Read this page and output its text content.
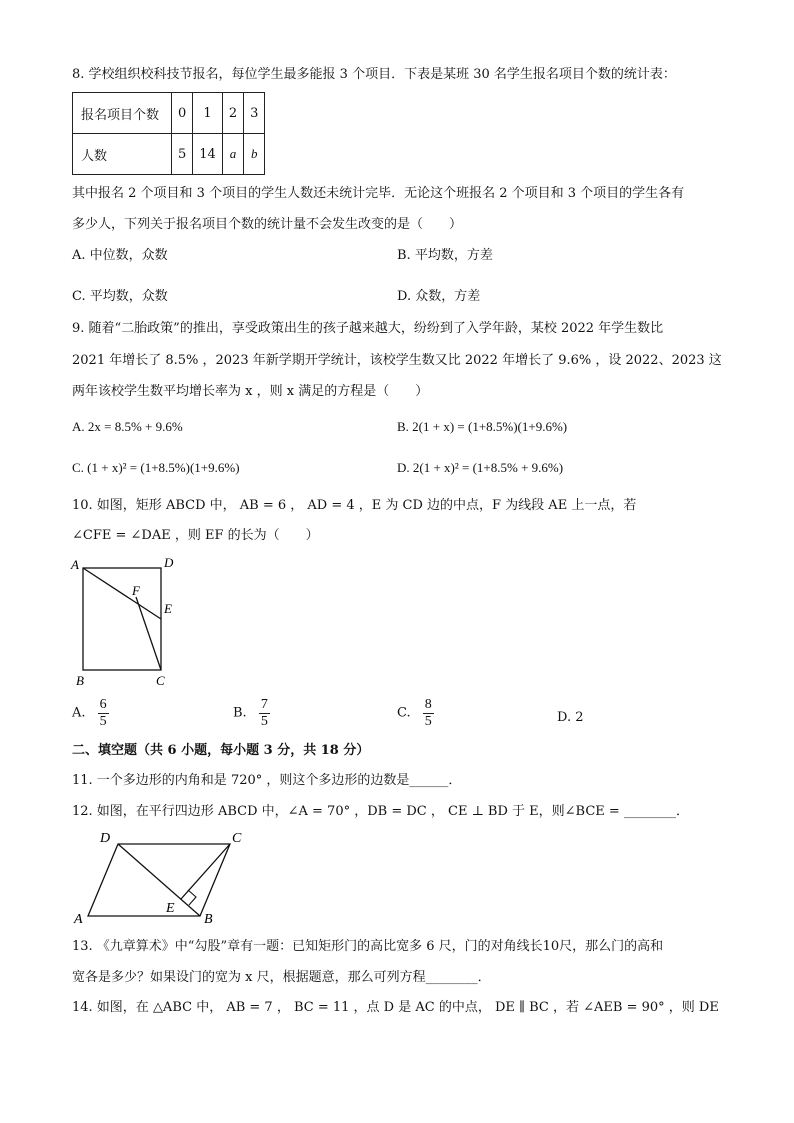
8. 学校组织校科技节报名，每位学生最多能报 3 个项目．下表是某班 30 名学生报名项目个数的统计表：
报名项目个数	0	1	2	3
人数	5	14	a	b
其中报名 2 个项目和 3 个项目的学生人数还未统计完毕．无论这个班报名 2 个项目和 3 个项目的学生各有
多少人，下列关于报名项目个数的统计量不会发生改变的是（　　）
A. 中位数，众数	B. 平均数，方差
C. 平均数，众数	D. 众数，方差
9. 随着“二胎政策”的推出，享受政策出生的孩子越来越大，纷纷到了入学年龄，某校 2022 年学生数比
2021 年增长了 8.5% ，2023 年新学期开学统计，该校学生数又比 2022 年增长了 9.6% ，设 2022、2023 这
两年该校学生数平均增长率为 x ，则 x 满足的方程是（　　）
A. 2x = 8.5% + 9.6%	B. 2(1 + x) = (1+8.5%)(1+9.6%)
C. (1 + x)² = (1+8.5%)(1+9.6%)	D. 2(1 + x)² = (1+8.5% + 9.6%)
10. 如图，矩形 ABCD 中， AB = 6 ， AD = 4 ，E 为 CD 边的中点，F 为线段 AE 上一点，若
∠CFE = ∠DAE ，则 EF 的长为（　　）
A	D
E
F
B	C
A. $\frac{6}{5}$	B. $\frac{7}{5}$	C. $\frac{8}{5}$	D. 2
二、填空题（共 6 小题，每小题 3 分，共 18 分）
11. 一个多边形的内角和是 720° ，则这个多边形的边数是______．
12. 如图，在平行四边形 ABCD 中，∠A = 70° ，DB = DC ， CE ⊥ BD 于 E，则∠BCE = ________．
D	C
A	B
E
13. 《九章算术》中“勾股”章有一题：已知矩形门的高比宽多 6 尺，门的对角线长10尺，那么门的高和
宽各是多少？如果设门的宽为 x 尺，根据题意，那么可列方程________．
14. 如图，在 △ABC 中， AB = 7 ， BC = 11 ，点 D 是 AC 的中点， DE ∥ BC ，若 ∠AEB = 90° ，则 DE
